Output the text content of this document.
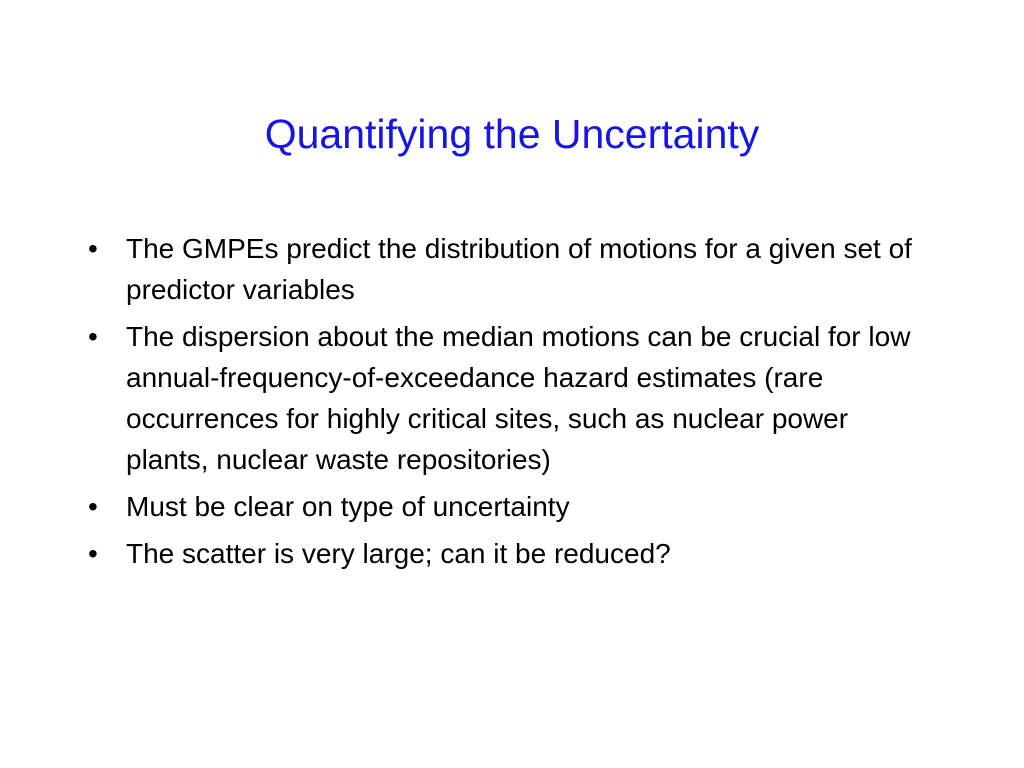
Quantifying the Uncertainty
•	The GMPEs predict the distribution of motions for a given set of predictor variables
•	The dispersion about the median motions can be crucial for low annual-frequency-of-exceedance hazard estimates (rare occurrences for highly critical sites, such as nuclear power plants, nuclear waste repositories)
•	Must be clear on type of uncertainty
•	The scatter is very large; can it be reduced?
